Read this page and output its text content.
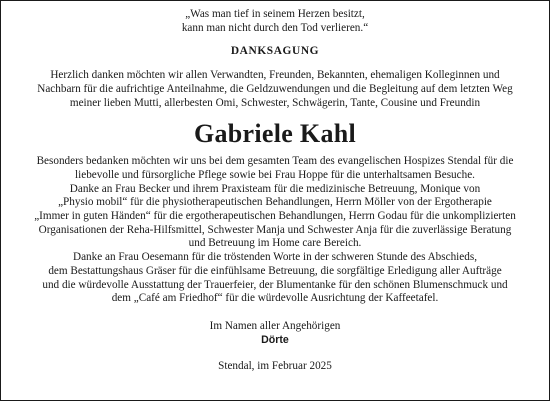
„Was man tief in seinem Herzen besitzt,
kann man nicht durch den Tod verlieren.“
DANKSAGUNG
Herzlich danken möchten wir allen Verwandten, Freunden, Bekannten, ehemaligen Kolleginnen und
Nachbarn für die aufrichtige Anteilnahme, die Geldzuwendungen und die Begleitung auf dem letzten Weg
meiner lieben Mutti, allerbesten Omi, Schwester, Schwägerin, Tante, Cousine und Freundin
Gabriele Kahl
Besonders bedanken möchten wir uns bei dem gesamten Team des evangelischen Hospizes Stendal für die
liebevolle und fürsorgliche Pflege sowie bei Frau Hoppe für die unterhaltsamen Besuche.
Danke an Frau Becker und ihrem Praxisteam für die medizinische Betreuung, Monique von
„Physio mobil“ für die physiotherapeutischen Behandlungen, Herrn Möller von der Ergotherapie
„Immer in guten Händen“ für die ergotherapeutischen Behandlungen, Herrn Godau für die unkomplizierten
Organisationen der Reha-Hilfsmittel, Schwester Manja und Schwester Anja für die zuverlässige Beratung
und Betreuung im Home care Bereich.
Danke an Frau Oesemann für die tröstenden Worte in der schweren Stunde des Abschieds,
dem Bestattungshaus Gräser für die einfühlsame Betreuung, die sorgfältige Erledigung aller Aufträge
und die würdevolle Ausstattung der Trauerfeier, der Blumentanke für den schönen Blumenschmuck und
dem „Café am Friedhof“ für die würdevolle Ausrichtung der Kaffeetafel.
Im Namen aller Angehörigen
Dörte
Stendal, im Februar 2025
